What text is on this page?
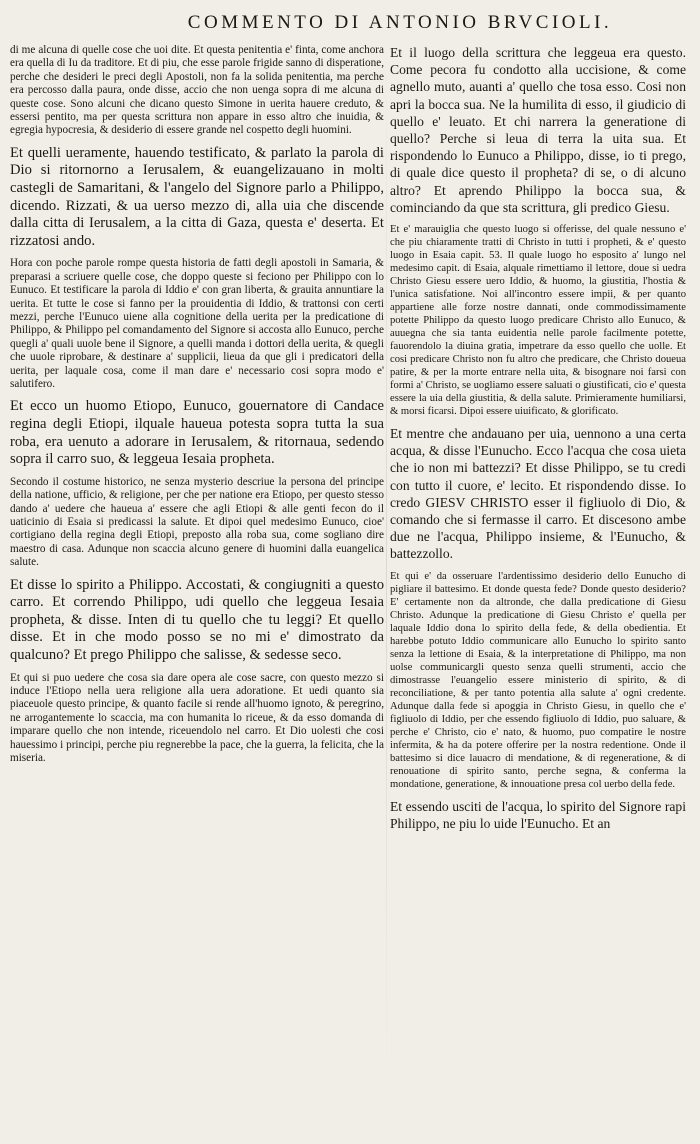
COMMENTO DI ANTONIO BRVCIOLI.

di me alcuna di quelle cose che uoi dite. Et questa penitentia e' finta, come anchora era quella di Iu da traditore. Et di piu, che esse parole frigide sanno di disperatione, perche che desideri le preci degli Apostoli, non fa la solida penitentia, ma perche era percosso dalla paura, onde disse, accio che non uenga sopra di me alcuna di queste cose. Sono alcuni che dicano questo Simone in uerita hauere creduto, & essersi pentito, ma per questa scrittura non appare in esso altro che inuidia, & egregia hypocresia, & desiderio di essere grande nel cospetto degli huomini.

Et quelli ueramente, hauendo testificato, & parlato la parola di Dio si ritornorno a Ierusalem, & euangelizauano in molti castegli de Samaritani, & l'angelo del Signore parlo a Philippo, dicendo. Rizzati, & ua uerso mezzo di, alla uia che discende dalla citta di Ierusalem, a la citta di Gaza, questa e' deserta. Et rizzatosi ando.

Hora con poche parole rompe questa historia de fatti degli apostoli in Samaria, & preparasi a scriuere quelle cose, che doppo queste si fecionо per Philippo con lo Eunuco. Et testificare la parola di Iddio e' con gran liberta, & grauita annuntiare la uerita. Et tutte le cose si fanno per la prouidentia di Iddio, & trattonsi con certi mezzi, perche l'Eunuco uiene alla cognitione della uerita per la predicatione di Philippo, & Philippo pel comandamento del Signore si accosta allo Eunuco, perche quegli a' quali uuole bene il Signore, a quelli manda i dottori della uerita, & quegli che uuole riprobare, & destinare a' supplicii, lieua da que gli i predicatori della uerita, per laquale cosa, come il man dare e' necessario cosi sopra modo e' salutifero.

Et ecco un huomo Etiopo, Eunuco, gouernatore di Candace regina degli Etiopi, ilquale haueua potesta sopra tutta la sua roba, era uenuto a adorare in Ierusalem, & ritornaua, sedendo sopra il carro suo, & leggeua Iesaia propheta.

Secondo il costume historico, ne senza mysterio descriue la persona del principe della natione, ufficio, & religione, per che per natione era Etiopo, per questo stesso dando a' uedere che haueua a' essere che agli Etiopi & alle genti fecon do il uaticinio di Esaia si predicassi la salute. Et dipoi quel medesimo Eunuco, cioe' cortigiano della regina degli Etiopi, preposto alla roba sua, come sogliano dire maestro di casa. Adunque non scaccia alcuno genere di huomini dalla euangelica salute.

Et disse lo spirito a Philippo. Accostati, & congiugniti a questo carro. Et correndo Philippo, udi quello che leggeua Iesaia propheta, & disse. Inten di tu quello che tu leggi? Et quello disse. Et in che modo posso se no mi e' dimostrato da qualcuno? Et prego Philippo che salisse, & sedesse seco.

Et qui si puo uedere che cosa sia dare opera ale cose sacre, con questo mezzo si induce l'Etiopo nella uera religione alla uera adoratione. Et uedi quanto sia piaceuole questo principe, & quanto facile si rende all'huomo ignoto, & peregrino, ne arrogantemente lo scaccia, ma con humanita lo riceue, & da esso domanda di imparare quello che non intende, riceuendolo nel carro. Et Dio uolesti che cosi hauessimo i principi, perche piu regnerebbe la pace, che la guerra, la felicita, che la miseria.

Et il luogo della scrittura che leggeua era questo. Come pecora fu condotto alla uccisione, & come agnello muto, auanti a' quello che tosa esso. Cosi non apri la bocca sua. Ne la humilita di esso, il giudicio di quello e' leuato. Et chi narrera la generatione di quello? Perche si leua di terra la uita sua. Et rispondendo lo Eunuco a Philippo, disse, io ti prego, di quale dice questo il propheta? di se, o di alcuno altro? Et aprendo Philippo la bocca sua, & cominciando da que sta scrittura, gli predico Giesu.

Et e' marauiglia che questo luogo si offerisse, del quale nessuno e' che piu chiaramente tratti di Christo in tutti i propheti, & e' questo luogo in Esaia capit. 53. Il quale luogo ho esposito a' lungo nel medesimo capit. di Esaia, alquale rimettiamo il lettore, doue si uedra Christo Giesu essere uero Iddio, & huomo, la giustitia, l'hostia & l'unica satisfatione. Noi all'incontro essere impii, & per quanto appartiene alle forze nostre dannati, onde commodissimamente potette Philippo da questo luogo predicare Christo allo Eunuco, & auuegna che sia tanta euidentia nelle parole facilmente potette, fauorendolo la diuina gratia, impetrare da esso quello che uolle. Et cosi predicare Christo non fu altro che predicare, che Christo doueua patire, & per la morte entrare nella uita, & bisognare noi farsi con formi a' Christo, se uogliamo essere saluati o giustificati, cio e' questa essere la uia della giustitia, & della salute. Primieramente humiliarsi, & morsi ficarsi. Dipoi essere uiuificato, & glorificato.

Et mentre che andauano per uia, uennono a una certa acqua, & disse l'Eunucho. Ecco l'acqua che cosa uieta che io non mi battezzi? Et disse Philippo, se tu credi con tutto il cuore, e' lecito. Et rispondendo disse. Io credo GIESV CHRISTO esser il figliuolo di Dio, & comando che si fermasse il carro. Et discesono ambe due ne l'acqua, Philippo insieme, & l'Eunucho, & battezzollo.

Et qui e' da osseruare l'ardentissimo desiderio dello Eunucho di pigliare il battesimo. Et donde questa fede? Donde questo desiderio? E' certamente non da altronde, che dalla predicatione di Giesu Christo. Adunque la predicatione di Giesu Christo e' quella per laquale Iddio dona lo spirito della fede, & della obedientia. Et harebbe potuto Iddio communicare allo Eunucho lo spirito santo senza la lettione di Esaia, & la interpretatione di Philippo, ma non uolse communicargli questo senza quelli strumenti, accio che dimostrasse l'euangelio essere ministerio di spirito, & di reconciliatione, & per tanto potentia alla salute a' ogni credente. Adunque dalla fede si apoggia in Christo Giesu, in quello che e' figliuolo di Iddio, per che essendo figliuolo di Iddio, puo saluare, & perche e' Christo, cio e' nato, & huomo, puo compatire le nostre infermita, & ha da potere offerire per la nostra redentione. Onde il battesimo si dice lauacro di mendatione, & di regeneratione, & di renouatione di spirito santo, perche segna, & conferma la mondatione, generatione, & innouatione presa col uerbo della fede.

Et essendo usciti de l'acqua, lo spirito del Signore rapi Philippo, ne piu lo uide l'Eunucho. Et an
